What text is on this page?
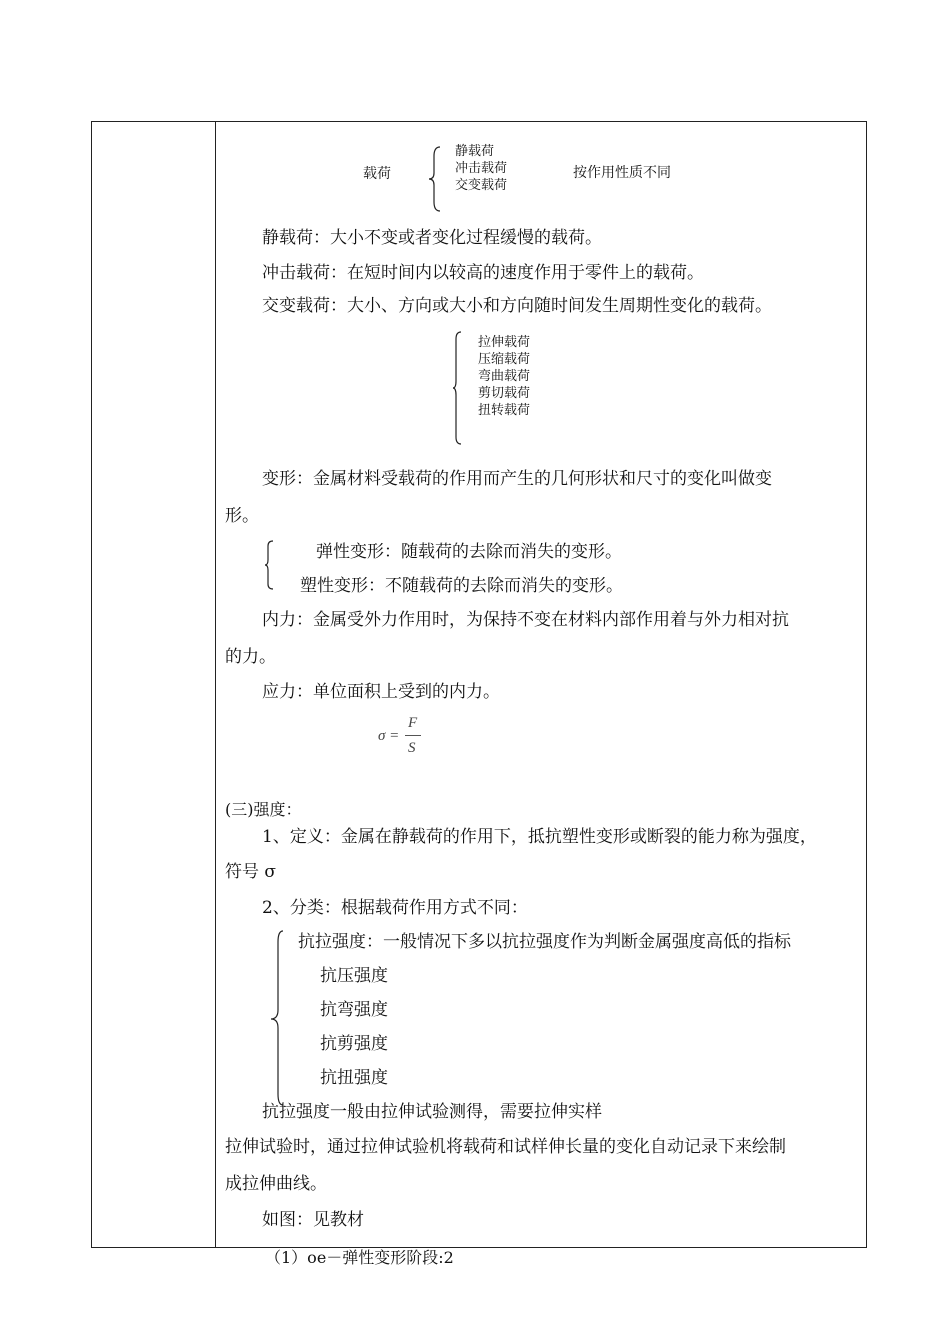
载荷
静载荷
冲击载荷
交变载荷
按作用性质不同
静载荷：大小不变或者变化过程缓慢的载荷。
冲击载荷：在短时间内以较高的速度作用于零件上的载荷。
交变载荷：大小、方向或大小和方向随时间发生周期性变化的载荷。
拉伸载荷
压缩载荷
弯曲载荷
剪切载荷
扭转载荷
变形：金属材料受载荷的作用而产生的几何形状和尺寸的变化叫做变
形。
弹性变形：随载荷的去除而消失的变形。
塑性变形：不随载荷的去除而消失的变形。
内力：金属受外力作用时，为保持不变在材料内部作用着与外力相对抗
的力。
应力：单位面积上受到的内力。
σ =
F
S
(三)强度：
1、定义：金属在静载荷的作用下，抵抗塑性变形或断裂的能力称为强度，
符号 σ
2、分类：根据载荷作用方式不同：
抗拉强度：一般情况下多以抗拉强度作为判断金属强度高低的指标
抗压强度
抗弯强度
抗剪强度
抗扭强度
抗拉强度一般由拉伸试验测得，需要拉伸实样
拉伸试验时，通过拉伸试验机将载荷和试样伸长量的变化自动记录下来绘制
成拉伸曲线。
如图：见教材
（1）oe－弹性变形阶段:2
